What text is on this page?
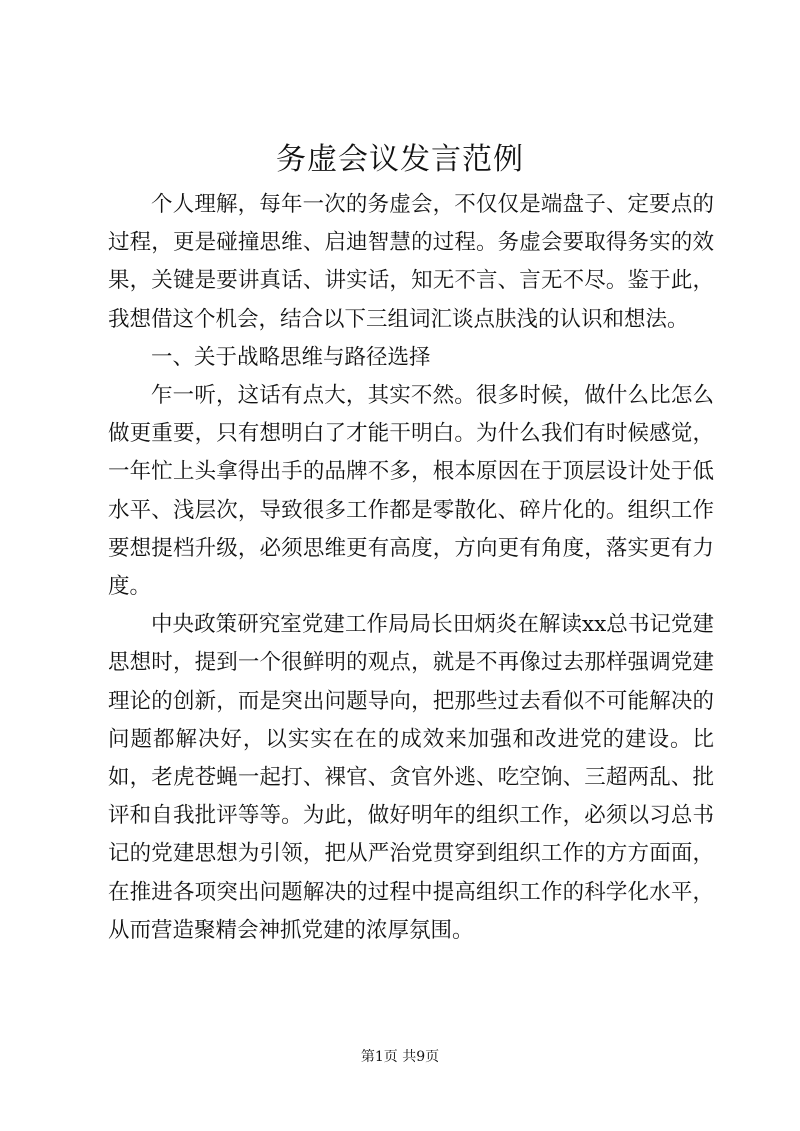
务虚会议发言范例

个人理解，每年一次的务虚会，不仅仅是端盘子、定要点的过程，更是碰撞思维、启迪智慧的过程。务虚会要取得务实的效果，关键是要讲真话、讲实话，知无不言、言无不尽。鉴于此，我想借这个机会，结合以下三组词汇谈点肤浅的认识和想法。

一、关于战略思维与路径选择

乍一听，这话有点大，其实不然。很多时候，做什么比怎么做更重要，只有想明白了才能干明白。为什么我们有时候感觉，一年忙上头拿得出手的品牌不多，根本原因在于顶层设计处于低水平、浅层次，导致很多工作都是零散化、碎片化的。组织工作要想提档升级，必须思维更有高度，方向更有角度，落实更有力度。

中央政策研究室党建工作局局长田炳炎在解读xx总书记党建思想时，提到一个很鲜明的观点，就是不再像过去那样强调党建理论的创新，而是突出问题导向，把那些过去看似不可能解决的问题都解决好，以实实在在的成效来加强和改进党的建设。比如，老虎苍蝇一起打、裸官、贪官外逃、吃空饷、三超两乱、批评和自我批评等等。为此，做好明年的组织工作，必须以习总书记的党建思想为引领，把从严治党贯穿到组织工作的方方面面，在推进各项突出问题解决的过程中提高组织工作的科学化水平，从而营造聚精会神抓党建的浓厚氛围。

第1页 共9页
